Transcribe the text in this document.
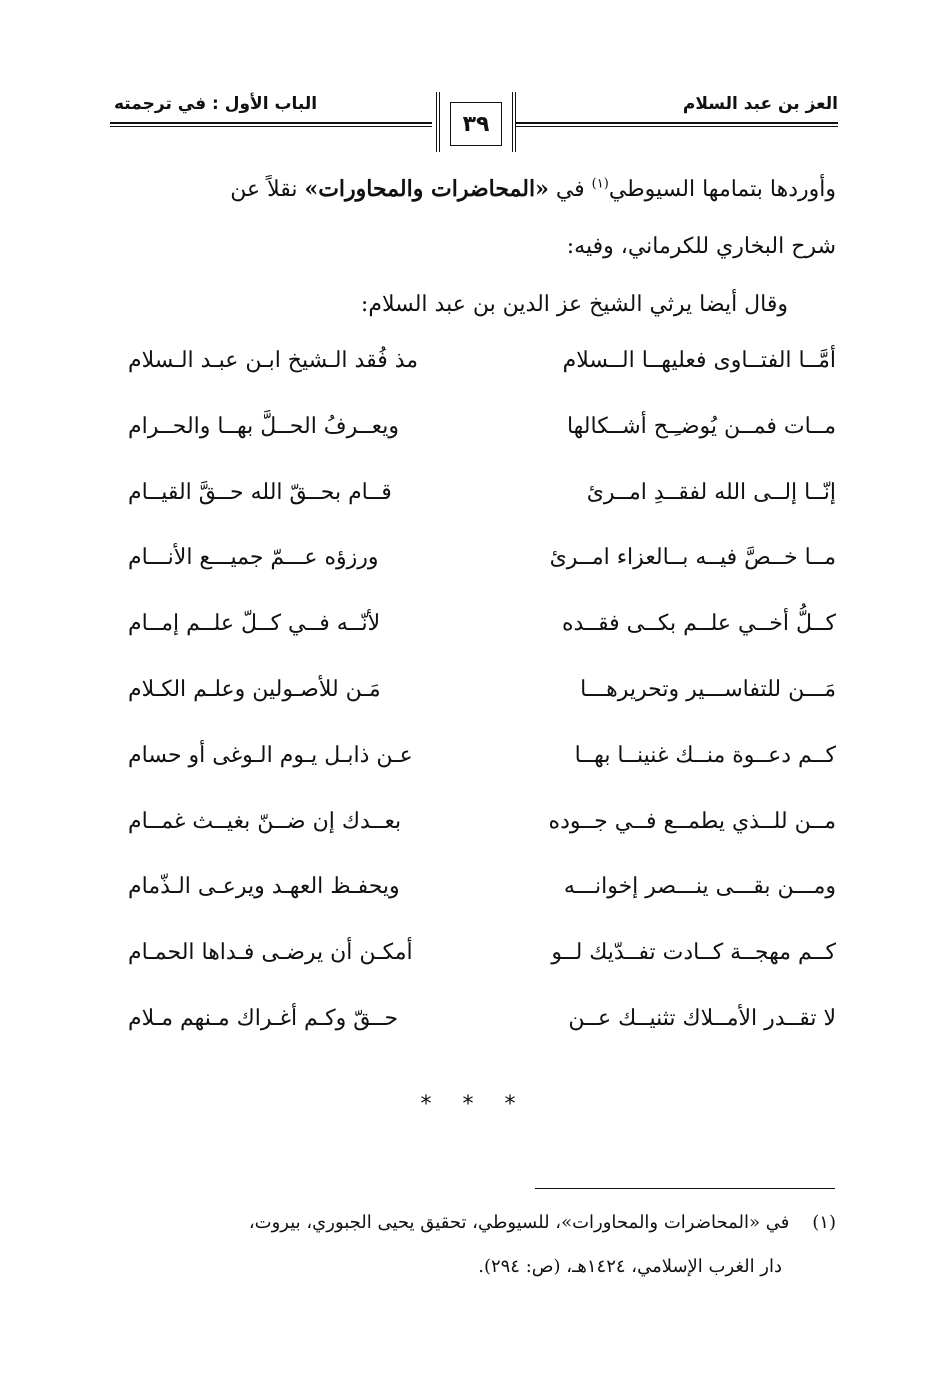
العز بن عبد السلام
الباب الأول : في ترجمته
٣٩
وأوردها بتمامها السيوطي$^{(١)}$ في «المحاضرات والمحاورات» نقلاً عن
شرح البخاري للكرماني، وفيه:
وقال أيضا يرثي الشيخ عز الدين بن عبد السلام:
أمَّــا الفتــاوى فعليهــا الــسلام
مذ فُقد الـشيخ ابـن عبـد الـسلام
مــات فمــن يُوضـِـح أشــكالها
ويعــرفُ الحــلَّ بهــا والحــرام
إنّــا إلــى الله لفقــدِ امــرئ
قــام بحــقّ الله حــقَّ القيــام
مــا خــصَّ فيــه بــالعزاء امــرئ
ورزؤه عـــمّ جميـــع الأنـــام
كــلُّ أخــي علــم بكــى فقــده
لأنّــه فــي كــلّ علــم إمــام
مَـــن للتفاســـير وتحريرهـــا
مَـن للأصـولين وعلـم الكـلام
كــم دعــوة منــك غنينــا بهــا
عـن ذابـل يـوم الـوغى أو حسام
مــن للــذي يطمــع فــي جــوده
بعــدك إن ضــنّ بغيــث غمــام
ومـــن بقـــى ينـــصر إخوانـــه
ويحفـظ العهـد ويرعـى الـذّمام
كــم مهجــة كــادت تفــدّيك لــو
أمكـن أن يرضـى فـداها الحمـام
لا تقــدر الأمــلاك تثنيــك عــن
حــقّ وكـم أغـراك مـنهم مـلام
* * *
(١)    في «المحاضرات والمحاورات»، للسيوطي، تحقيق يحيى الجبوري، بيروت،
دار الغرب الإسلامي، ١٤٢٤هـ، (ص: ٢٩٤).
